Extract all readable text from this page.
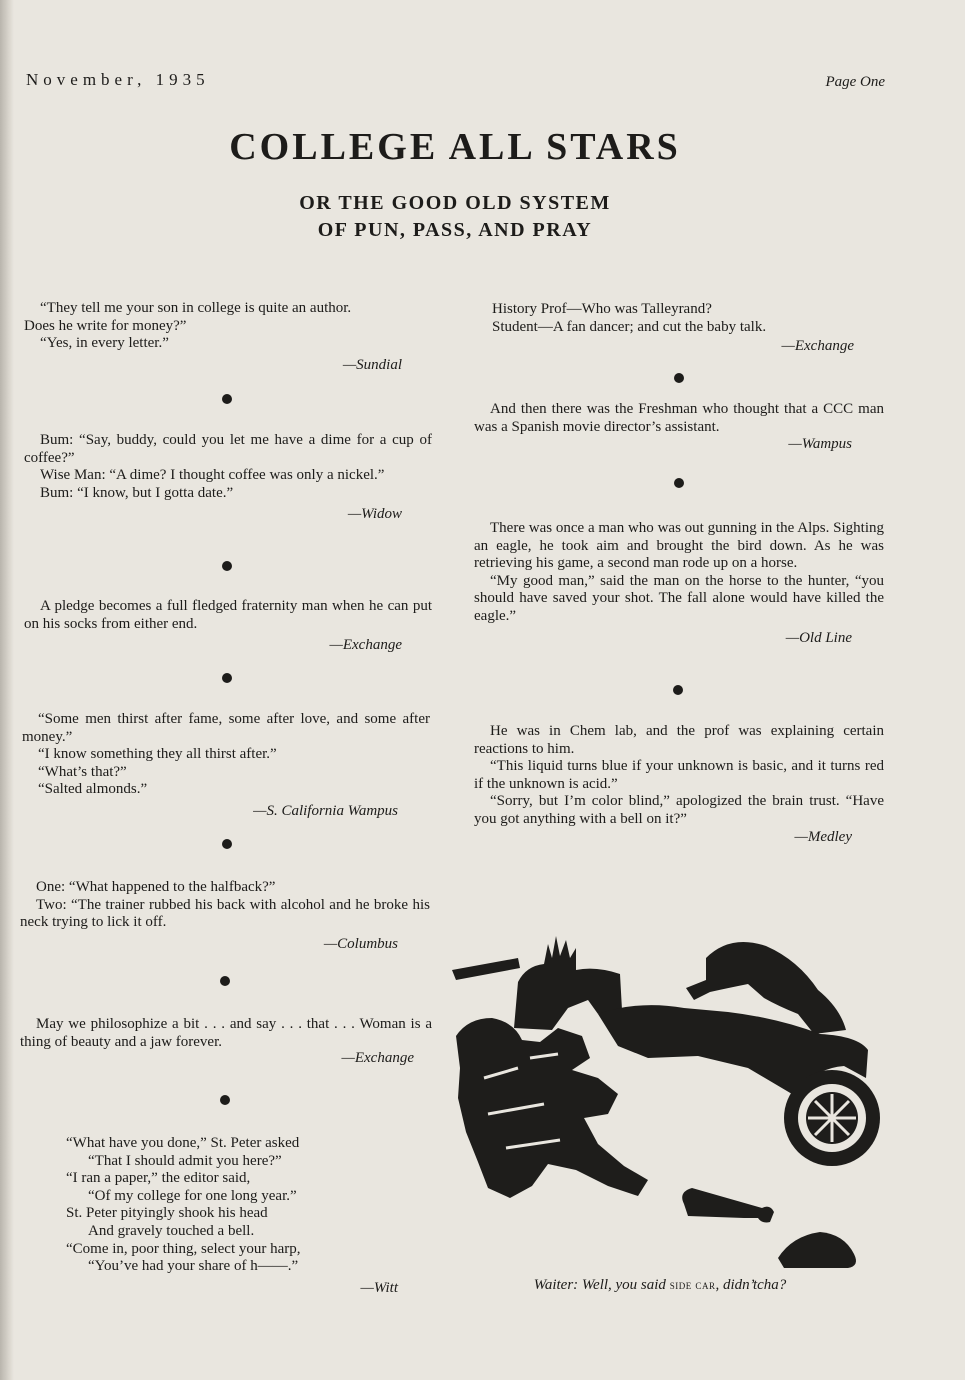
November, 1935	Page One
COLLEGE ALL STARS
OR THE GOOD OLD SYSTEM
OF PUN, PASS, AND PRAY

“They tell me your son in college is quite an author.

Does he write for money?”

“Yes, in every letter.”

—Sundial

Bum: “Say, buddy, could you let me have a dime for a cup of coffee?”

Wise Man: “A dime? I thought coffee was only a nickel.”

Bum: “I know, but I gotta date.”

—Widow

A pledge becomes a full fledged fraternity man when he can put on his socks from either end.

—Exchange

“Some men thirst after fame, some after love, and some after money.”

“I know something they all thirst after.”

“What’s that?”

“Salted almonds.”

—S. California Wampus

One: “What happened to the halfback?”

Two: “The trainer rubbed his back with alcohol and he broke his neck trying to lick it off.

—Columbus

May we philosophize a bit . . . and say . . . that . . . Woman is a thing of beauty and a jaw forever.

—Exchange

“What have you done,” St. Peter asked

“That I should admit you here?”

“I ran a paper,” the editor said,

“Of my college for one long year.”

St. Peter pityingly shook his head

And gravely touched a bell.

“Come in, poor thing, select your harp,

“You’ve had your share of h——.”

—Witt

History Prof—Who was Talleyrand?

Student—A fan dancer; and cut the baby talk.

—Exchange

And then there was the Freshman who thought that a CCC man was a Spanish movie director’s assistant.

—Wampus

There was once a man who was out gunning in the Alps. Sighting an eagle, he took aim and brought the bird down. As he was retrieving his game, a second man rode up on a horse.

“My good man,” said the man on the horse to the hunter, “you should have saved your shot. The fall alone would have killed the eagle.”

—Old Line

He was in Chem lab, and the prof was explaining certain reactions to him.

“This liquid turns blue if your unknown is basic, and it turns red if the unknown is acid.”

“Sorry, but I’m color blind,” apologized the brain trust. “Have you got anything with a bell on it?”

—Medley

Waiter: Well, you said side car, didn’tcha?
